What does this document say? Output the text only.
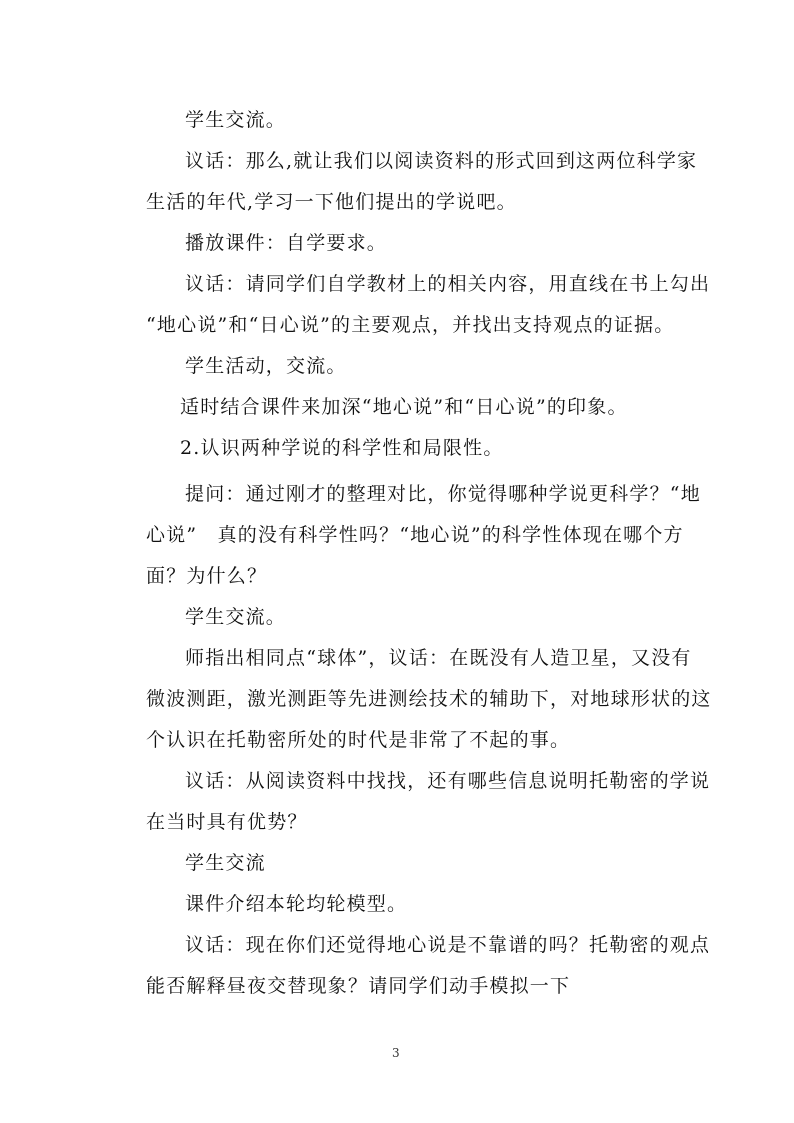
学生交流。
议话：那么,就让我们以阅读资料的形式回到这两位科学家
生活的年代,学习一下他们提出的学说吧。
播放课件：自学要求。
议话：请同学们自学教材上的相关内容，用直线在书上勾出
“地心说”和“日心说”的主要观点，并找出支持观点的证据。
学生活动，交流。
适时结合课件来加深“地心说”和“日心说”的印象。
2.认识两种学说的科学性和局限性。
提问：通过刚才的整理对比，你觉得哪种学说更科学？“地
心说”　真的没有科学性吗？“地心说”的科学性体现在哪个方
面？为什么？
学生交流。
师指出相同点“球体”，议话：在既没有人造卫星，又没有
微波测距，激光测距等先进测绘技术的辅助下，对地球形状的这
个认识在托勒密所处的时代是非常了不起的事。
议话：从阅读资料中找找，还有哪些信息说明托勒密的学说
在当时具有优势？
学生交流
课件介绍本轮均轮模型。
议话：现在你们还觉得地心说是不靠谱的吗？托勒密的观点
能否解释昼夜交替现象？请同学们动手模拟一下
3
